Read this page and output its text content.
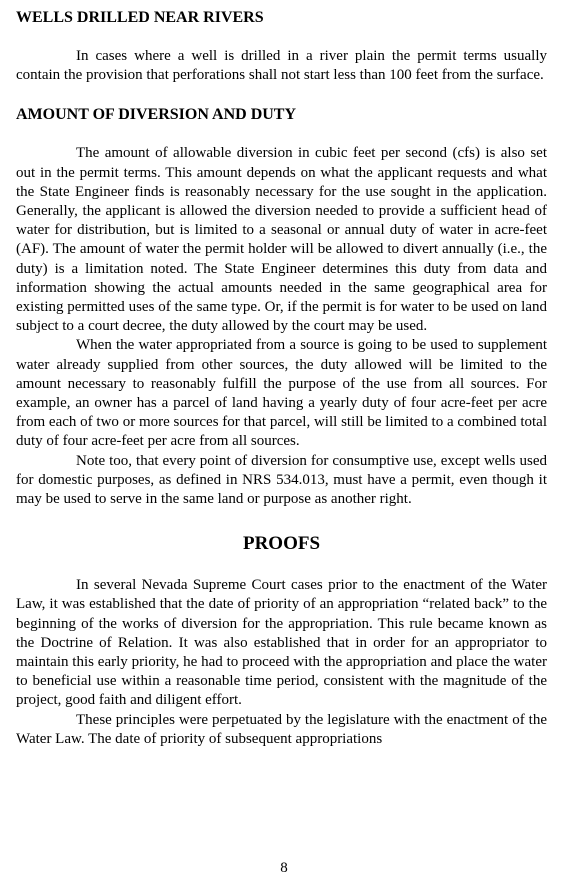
WELLS DRILLED NEAR RIVERS

In cases where a well is drilled in a river plain the permit terms usually contain the provision that perforations shall not start less than 100 feet from the surface.

AMOUNT OF DIVERSION AND DUTY

The amount of allowable diversion in cubic feet per second (cfs) is also set out in the permit terms. This amount depends on what the applicant requests and what the State Engineer finds is reasonably necessary for the use sought in the application. Generally, the applicant is allowed the diversion needed to provide a sufficient head of water for distribution, but is limited to a seasonal or annual duty of water in acre-feet (AF). The amount of water the permit holder will be allowed to divert annually (i.e., the duty) is a limitation noted. The State Engineer determines this duty from data and information showing the actual amounts needed in the same geographical area for existing permitted uses of the same type. Or, if the permit is for water to be used on land subject to a court decree, the duty allowed by the court may be used.

When the water appropriated from a source is going to be used to supplement water already supplied from other sources, the duty allowed will be limited to the amount necessary to reasonably fulfill the purpose of the use from all sources. For example, an owner has a parcel of land having a yearly duty of four acre-feet per acre from each of two or more sources for that parcel, will still be limited to a combined total duty of four acre-feet per acre from all sources.

Note too, that every point of diversion for consumptive use, except wells used for domestic purposes, as defined in NRS 534.013, must have a permit, even though it may be used to serve in the same land or purpose as another right.

PROOFS

In several Nevada Supreme Court cases prior to the enactment of the Water Law, it was established that the date of priority of an appropriation “related back” to the beginning of the works of diversion for the appropriation. This rule became known as the Doctrine of Relation. It was also established that in order for an appropriator to maintain this early priority, he had to proceed with the appropriation and place the water to beneficial use within a reasonable time period, consistent with the magnitude of the project, good faith and diligent effort.

These principles were perpetuated by the legislature with the enactment of the Water Law. The date of priority of subsequent appropriations

8
